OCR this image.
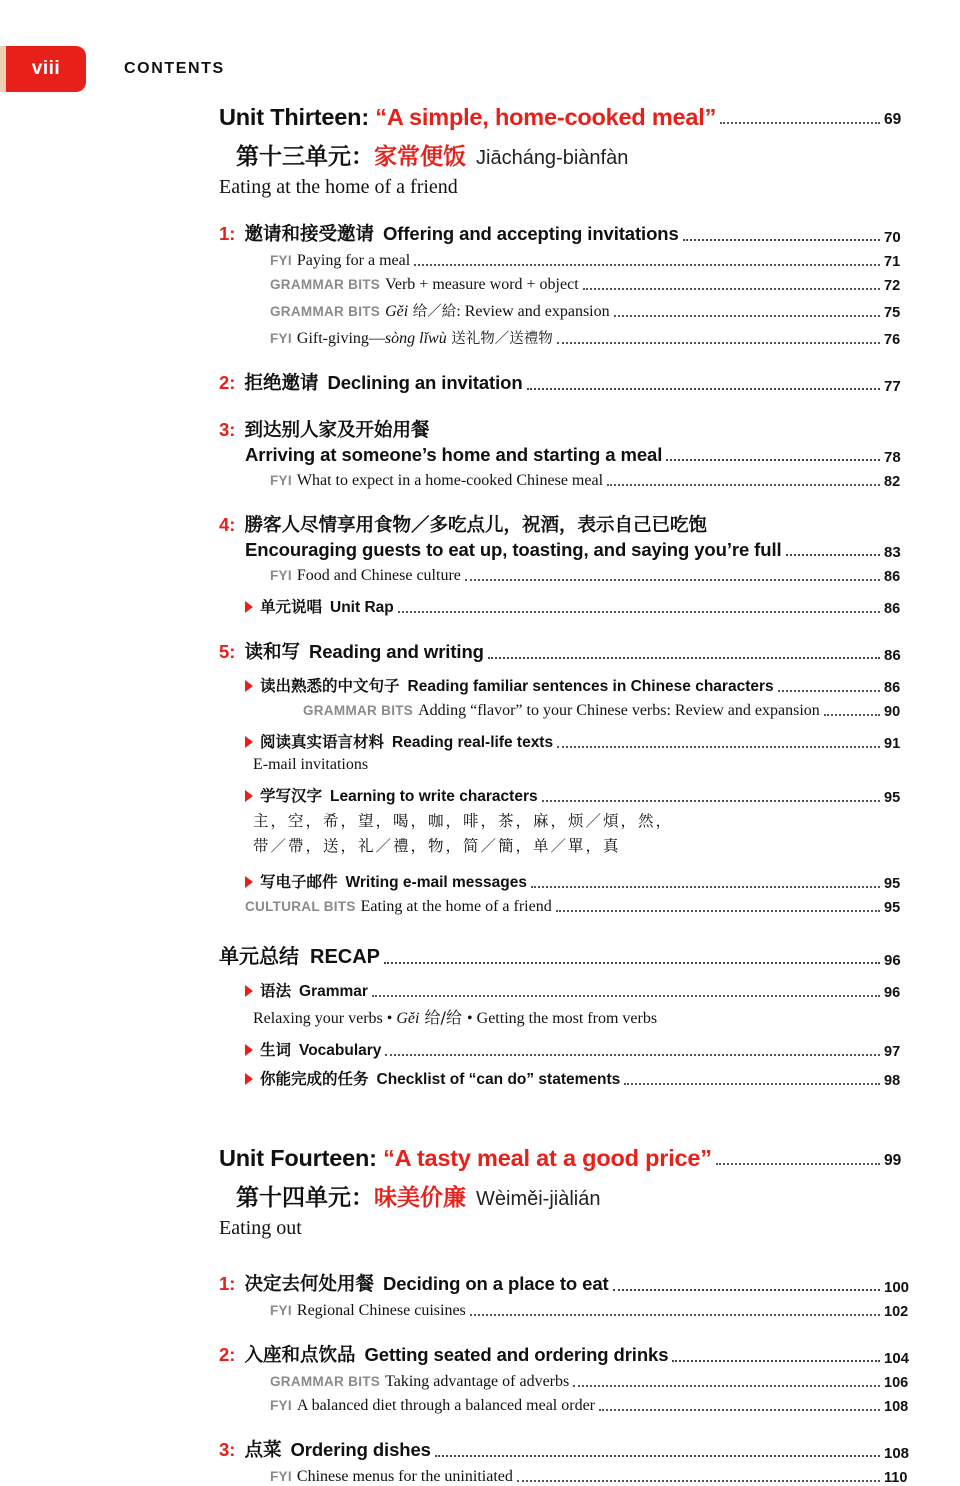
viii	CONTENTS
Unit Thirteen: “A simple, home-cooked meal”	69
第十三单元：家常便饭 Jiācháng-biànfàn
Eating at the home of a friend
1: 邀请和接受邀请 Offering and accepting invitations	70
FYI Paying for a meal	71
GRAMMAR BITS Verb + measure word + object	72
GRAMMAR BITS Gěi 给／給: Review and expansion	75
FYI Gift-giving—sòng lǐwù 送礼物／送禮物	76
2: 拒绝邀请 Declining an invitation	77
3: 到达别人家及开始用餐
Arriving at someone’s home and starting a meal	78
FYI What to expect in a home-cooked Chinese meal	82
4: 勝客人尽情享用食物／多吃点儿，祝酒，表示自己已吃饱
Encouraging guests to eat up, toasting, and saying you’re full	83
FYI Food and Chinese culture	86
单元说唱 Unit Rap	86
5: 读和写 Reading and writing	86
读出熟悉的中文句子 Reading familiar sentences in Chinese characters	86
GRAMMAR BITS Adding “flavor” to your Chinese verbs: Review and expansion	90
阅读真实语言材料 Reading real-life texts	91
E-mail invitations
学写汉字 Learning to write characters	95
主，空，希，望，喝，咖，啡，茶，麻，烦／煩，然，
带／帶，送，礼／禮，物，简／簡，单／單，真
写电子邮件 Writing e-mail messages	95
CULTURAL BITS Eating at the home of a friend	95
单元总结 RECAP	96
语法 Grammar	96
Relaxing your verbs • Gěi 给/给 • Getting the most from verbs
生词 Vocabulary	97
你能完成的任务 Checklist of “can do” statements	98
Unit Fourteen: “A tasty meal at a good price”	99
第十四单元：味美价廉 Wèiměi-jiàlián
Eating out
1: 决定去何处用餐 Deciding on a place to eat	100
FYI Regional Chinese cuisines	102
2: 入座和点饮品 Getting seated and ordering drinks	104
GRAMMAR BITS Taking advantage of adverbs	106
FYI A balanced diet through a balanced meal order	108
3: 点菜 Ordering dishes	108
FYI Chinese menus for the uninitiated	110
